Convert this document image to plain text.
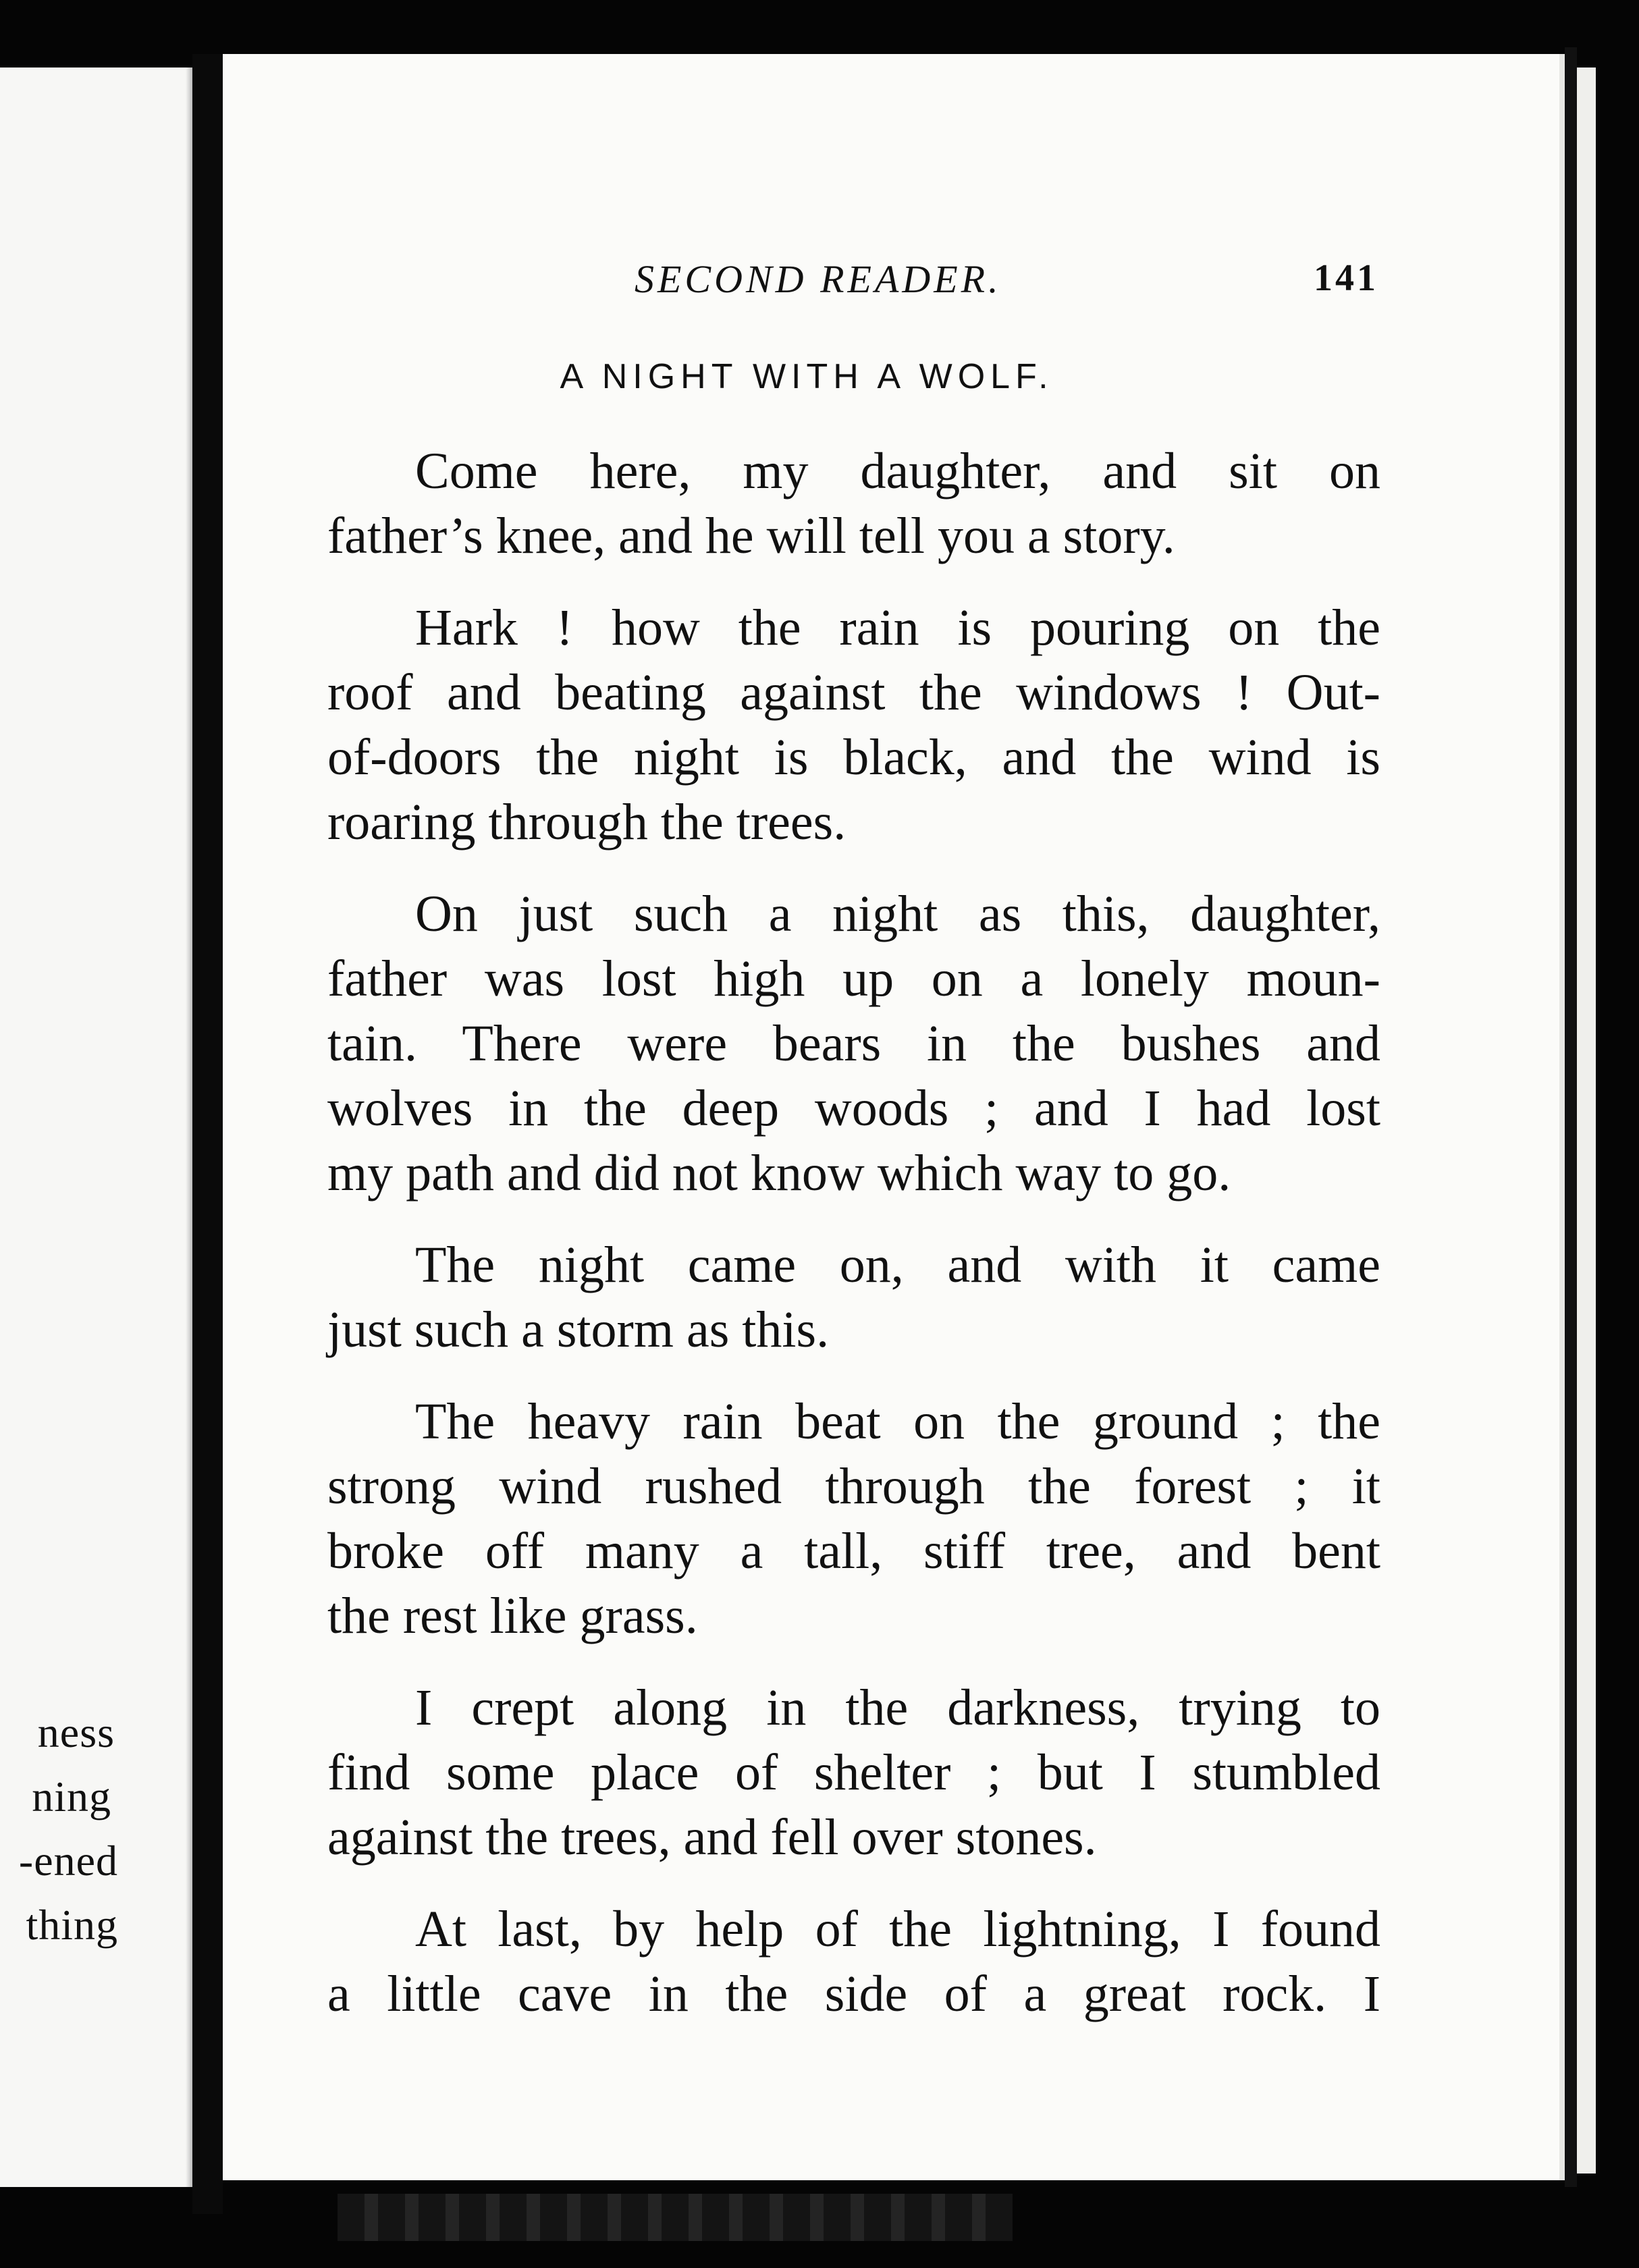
ness
ning
-ened
thing
SECOND READER.	141
A NIGHT WITH A WOLF.
Come here, my daughter, and sit on
father’s knee, and he will tell you a story.
Hark ! how the rain is pouring on the
roof and beating against the windows ! Out-
of-doors the night is black, and the wind is
roaring through the trees.
On just such a night as this, daughter,
father was lost high up on a lonely moun-
tain. There were bears in the bushes and
wolves in the deep woods ; and I had lost
my path and did not know which way to go.
The night came on, and with it came
just such a storm as this.
The heavy rain beat on the ground ; the
strong wind rushed through the forest ; it
broke off many a tall, stiff tree, and bent
the rest like grass.
I crept along in the darkness, trying to
find some place of shelter ; but I stumbled
against the trees, and fell over stones.
At last, by help of the lightning, I found
a little cave in the side of a great rock. I
